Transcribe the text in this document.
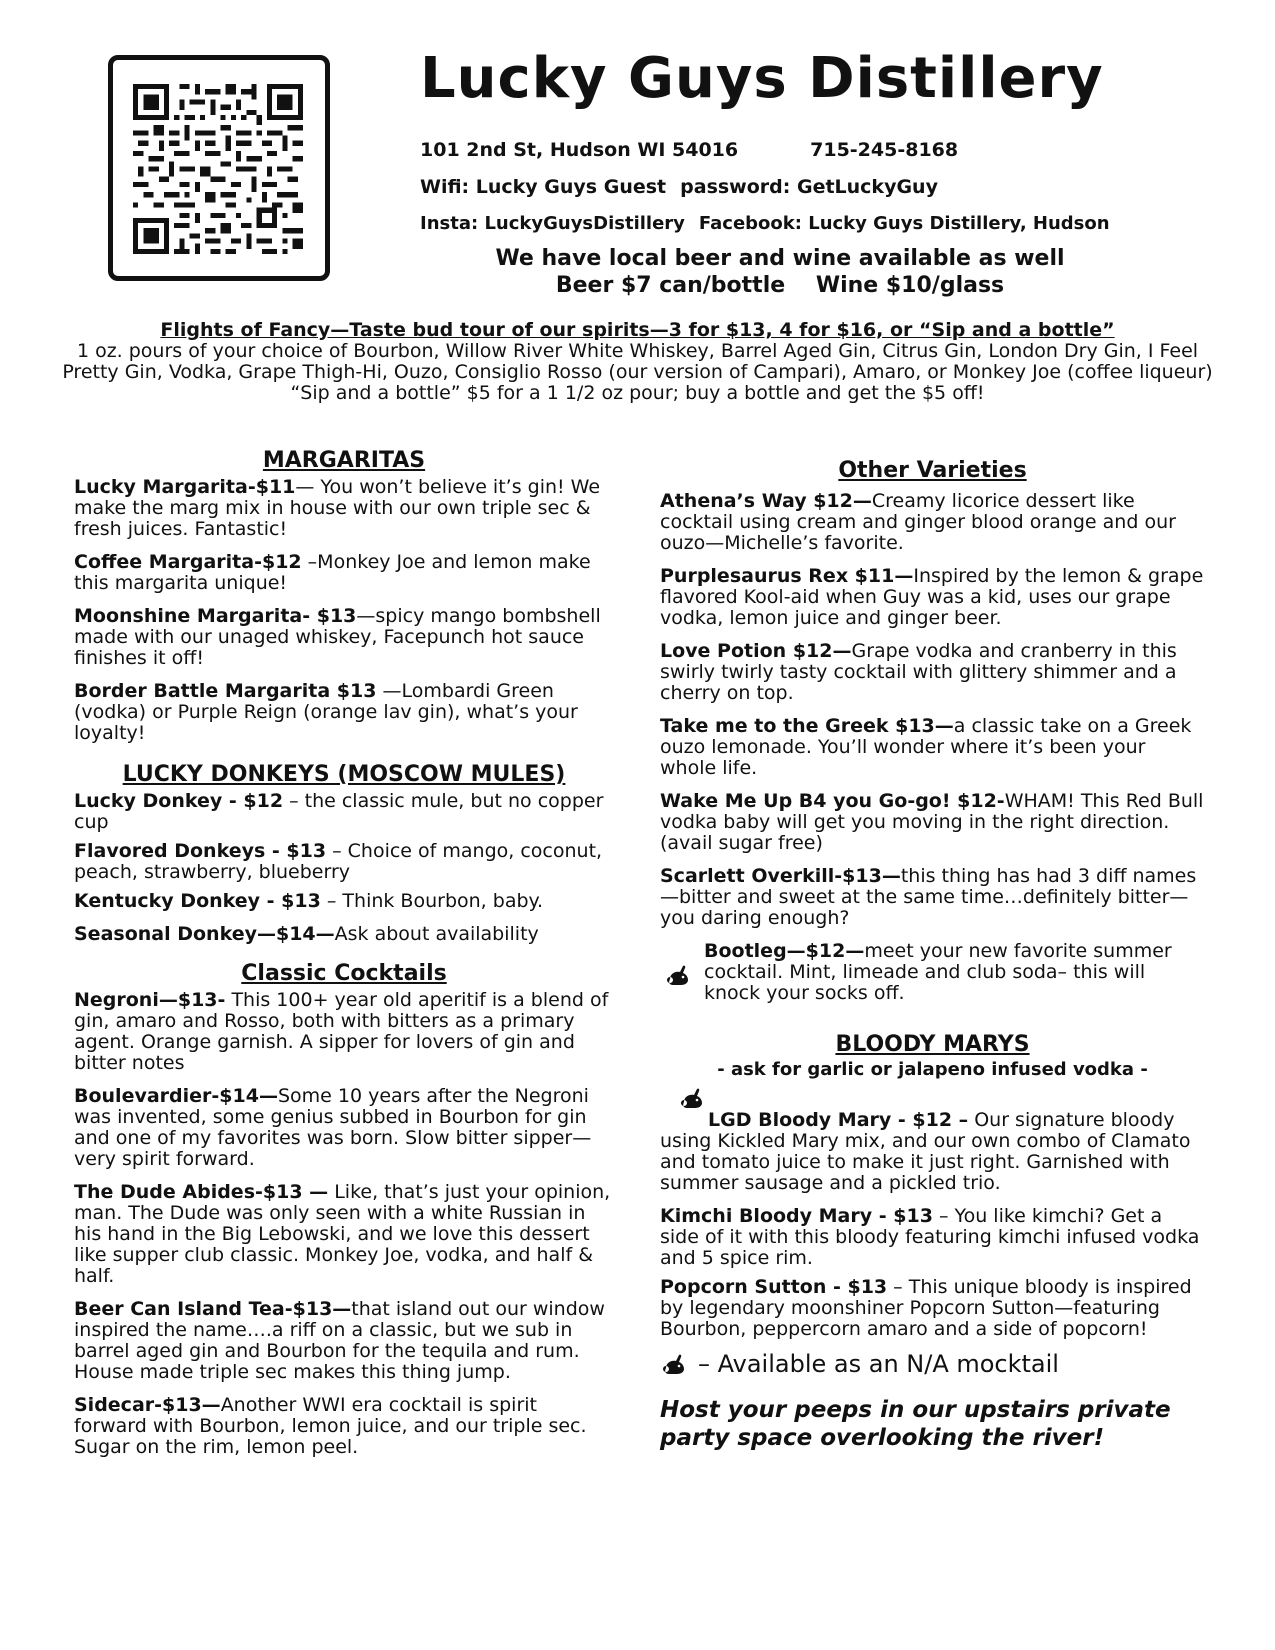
Lucky Guys Distillery
101 2nd St, Hudson WI 54016	715-245-8168
Wifi: Lucky Guys Guest password: GetLuckyGuy
Insta: LuckyGuysDistillery Facebook: Lucky Guys Distillery, Hudson
We have local beer and wine available as well
Beer $7 can/bottle Wine $10/glass
Flights of Fancy—Taste bud tour of our spirits—3 for $13, 4 for $16, or “Sip and a bottle”
1 oz. pours of your choice of Bourbon, Willow River White Whiskey, Barrel Aged Gin, Citrus Gin, London Dry Gin, I Feel Pretty Gin, Vodka, Grape Thigh-Hi, Ouzo, Consiglio Rosso (our version of Campari), Amaro, or Monkey Joe (coffee liqueur)
“Sip and a bottle” $5 for a 1 1/2 oz pour; buy a bottle and get the $5 off!
MARGARITAS
Lucky Margarita-$11— You won’t believe it’s gin! We make the marg mix in house with our own triple sec & fresh juices. Fantastic!
Coffee Margarita-$12 –Monkey Joe and lemon make this margarita unique!
Moonshine Margarita- $13—spicy mango bombshell made with our unaged whiskey, Facepunch hot sauce finishes it off!
Border Battle Margarita $13 —Lombardi Green (vodka) or Purple Reign (orange lav gin), what’s your loyalty!
LUCKY DONKEYS (MOSCOW MULES)
Lucky Donkey - $12 – the classic mule, but no copper cup
Flavored Donkeys - $13 – Choice of mango, coconut, peach, strawberry, blueberry
Kentucky Donkey - $13 – Think Bourbon, baby.
Seasonal Donkey—$14—Ask about availability
Classic Cocktails
Negroni—$13- This 100+ year old aperitif is a blend of gin, amaro and Rosso, both with bitters as a primary agent. Orange garnish. A sipper for lovers of gin and bitter notes
Boulevardier-$14—Some 10 years after the Negroni was invented, some genius subbed in Bourbon for gin and one of my favorites was born. Slow bitter sipper—very spirit forward.
The Dude Abides-$13 — Like, that’s just your opinion, man. The Dude was only seen with a white Russian in his hand in the Big Lebowski, and we love this dessert like supper club classic. Monkey Joe, vodka, and half & half.
Beer Can Island Tea-$13—that island out our window inspired the name….a riff on a classic, but we sub in barrel aged gin and Bourbon for the tequila and rum. House made triple sec makes this thing jump.
Sidecar-$13—Another WWI era cocktail is spirit forward with Bourbon, lemon juice, and our triple sec. Sugar on the rim, lemon peel.
Other Varieties
Athena’s Way $12—Creamy licorice dessert like cocktail using cream and ginger blood orange and our ouzo—Michelle’s favorite.
Purplesaurus Rex $11—Inspired by the lemon & grape flavored Kool-aid when Guy was a kid, uses our grape vodka, lemon juice and ginger beer.
Love Potion $12—Grape vodka and cranberry in this swirly twirly tasty cocktail with glittery shimmer and a cherry on top.
Take me to the Greek $13—a classic take on a Greek ouzo lemonade. You’ll wonder where it’s been your whole life.
Wake Me Up B4 you Go-go! $12-WHAM! This Red Bull vodka baby will get you moving in the right direction. (avail sugar free)
Scarlett Overkill-$13—this thing has had 3 diff names—bitter and sweet at the same time…definitely bitter—you daring enough?
Bootleg—$12—meet your new favorite summer cocktail. Mint, limeade and club soda– this will knock your socks off.
BLOODY MARYS
- ask for garlic or jalapeno infused vodka -
LGD Bloody Mary - $12 – Our signature bloody using Kickled Mary mix, and our own combo of Clamato and tomato juice to make it just right. Garnished with summer sausage and a pickled trio.
Kimchi Bloody Mary - $13 – You like kimchi? Get a side of it with this bloody featuring kimchi infused vodka and 5 spice rim.
Popcorn Sutton - $13 – This unique bloody is inspired by legendary moonshiner Popcorn Sutton—featuring Bourbon, peppercorn amaro and a side of popcorn!
– Available as an N/A mocktail
Host your peeps in our upstairs private party space overlooking the river!
